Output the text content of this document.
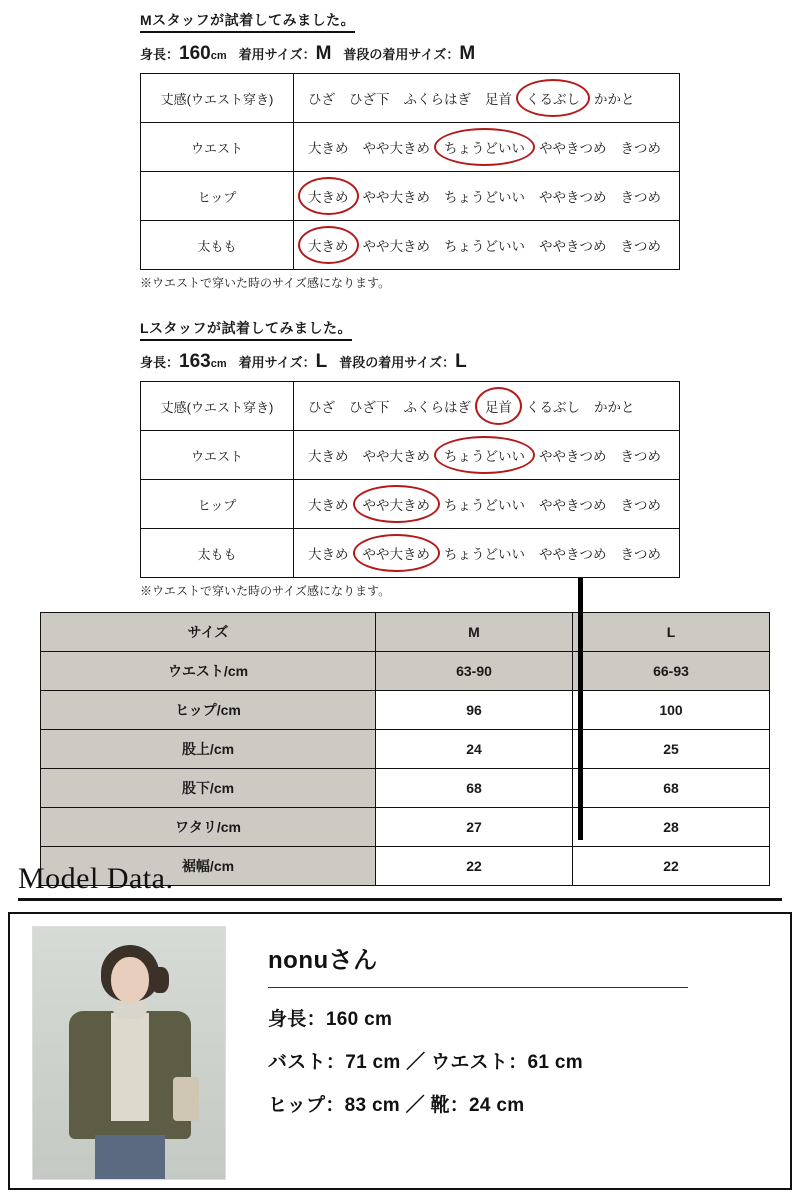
Mスタッフが試着してみました。
身長：160cm 着用サイズ：M 普段の着用サイズ：M
丈感(ウエスト穿き)	ひざ ひざ下 ふくらはぎ 足首 くるぶし かかと
ウエスト	大きめ やや大きめ ちょうどいい ややきつめ きつめ
ヒップ	大きめ やや大きめ ちょうどいい ややきつめ きつめ
太もも	大きめ やや大きめ ちょうどいい ややきつめ きつめ
※ウエストで穿いた時のサイズ感になります。
Lスタッフが試着してみました。
身長：163cm 着用サイズ：L 普段の着用サイズ：L
丈感(ウエスト穿き)	ひざ ひざ下 ふくらはぎ 足首 くるぶし かかと
ウエスト	大きめ やや大きめ ちょうどいい ややきつめ きつめ
ヒップ	大きめ やや大きめ ちょうどいい ややきつめ きつめ
太もも	大きめ やや大きめ ちょうどいい ややきつめ きつめ
※ウエストで穿いた時のサイズ感になります。
サイズ	M	L
ウエスト/cm	63-90	66-93
ヒップ/cm	96	100
股上/cm	24	25
股下/cm	68	68
ワタリ/cm	27	28
裾幅/cm	22	22
Model Data.
nonuさん
身長：160 cm
バスト：71 cm ／ ウエスト：61 cm
ヒップ：83 cm ／ 靴：24 cm
